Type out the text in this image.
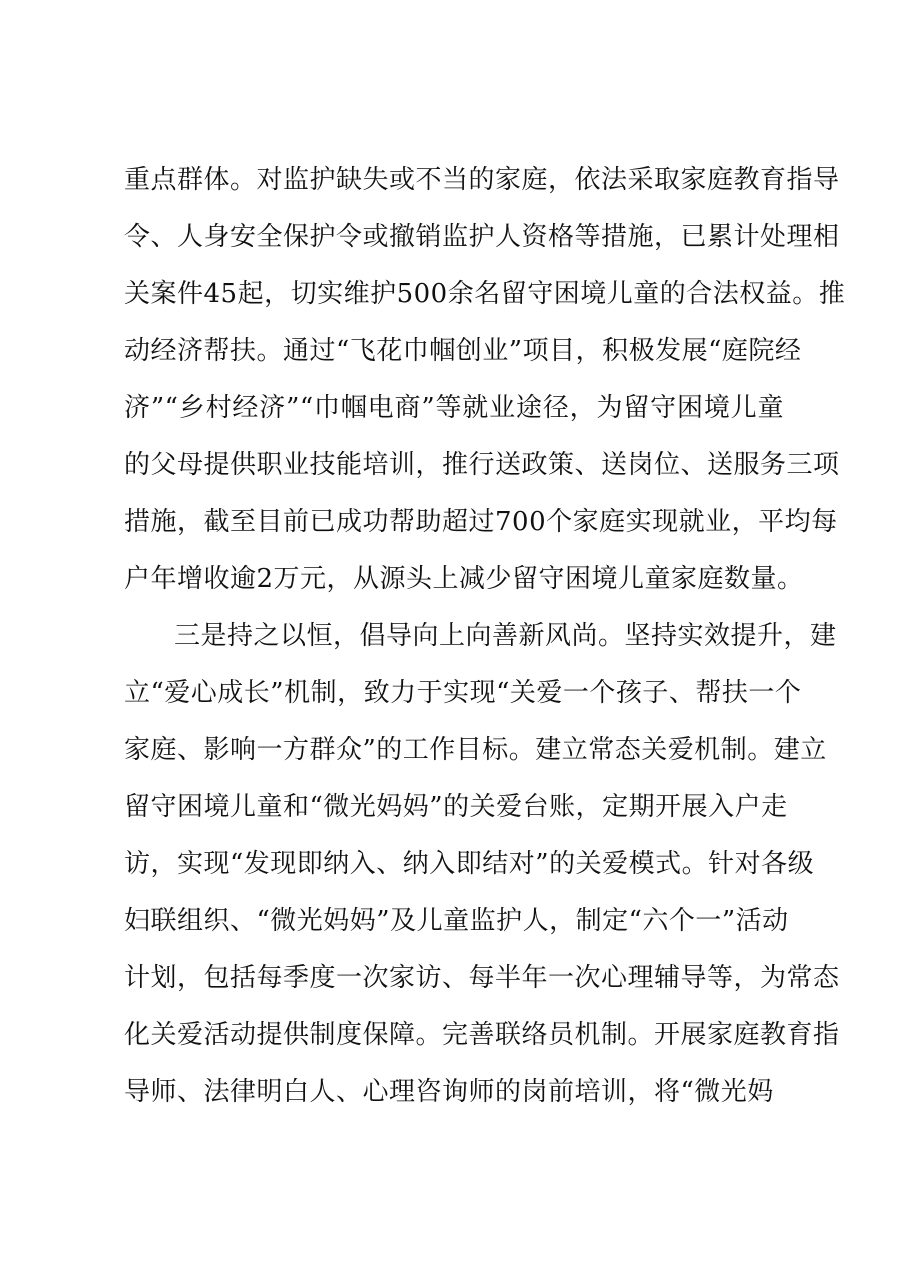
重点群体。对监护缺失或不当的家庭，依法采取家庭教育指导
令、人身安全保护令或撤销监护人资格等措施，已累计处理相
关案件45起，切实维护500余名留守困境儿童的合法权益。推
动经济帮扶。通过“飞花巾帼创业”项目，积极发展“庭院经
济”“乡村经济”“巾帼电商”等就业途径，为留守困境儿童
的父母提供职业技能培训，推行送政策、送岗位、送服务三项
措施，截至目前已成功帮助超过700个家庭实现就业，平均每
户年增收逾2万元，从源头上减少留守困境儿童家庭数量。
三是持之以恒，倡导向上向善新风尚。坚持实效提升，建
立“爱心成长”机制，致力于实现“关爱一个孩子、帮扶一个
家庭、影响一方群众”的工作目标。建立常态关爱机制。建立
留守困境儿童和“微光妈妈”的关爱台账，定期开展入户走
访，实现“发现即纳入、纳入即结对”的关爱模式。针对各级
妇联组织、“微光妈妈”及儿童监护人，制定“六个一”活动
计划，包括每季度一次家访、每半年一次心理辅导等，为常态
化关爱活动提供制度保障。完善联络员机制。开展家庭教育指
导师、法律明白人、心理咨询师的岗前培训，将“微光妈
